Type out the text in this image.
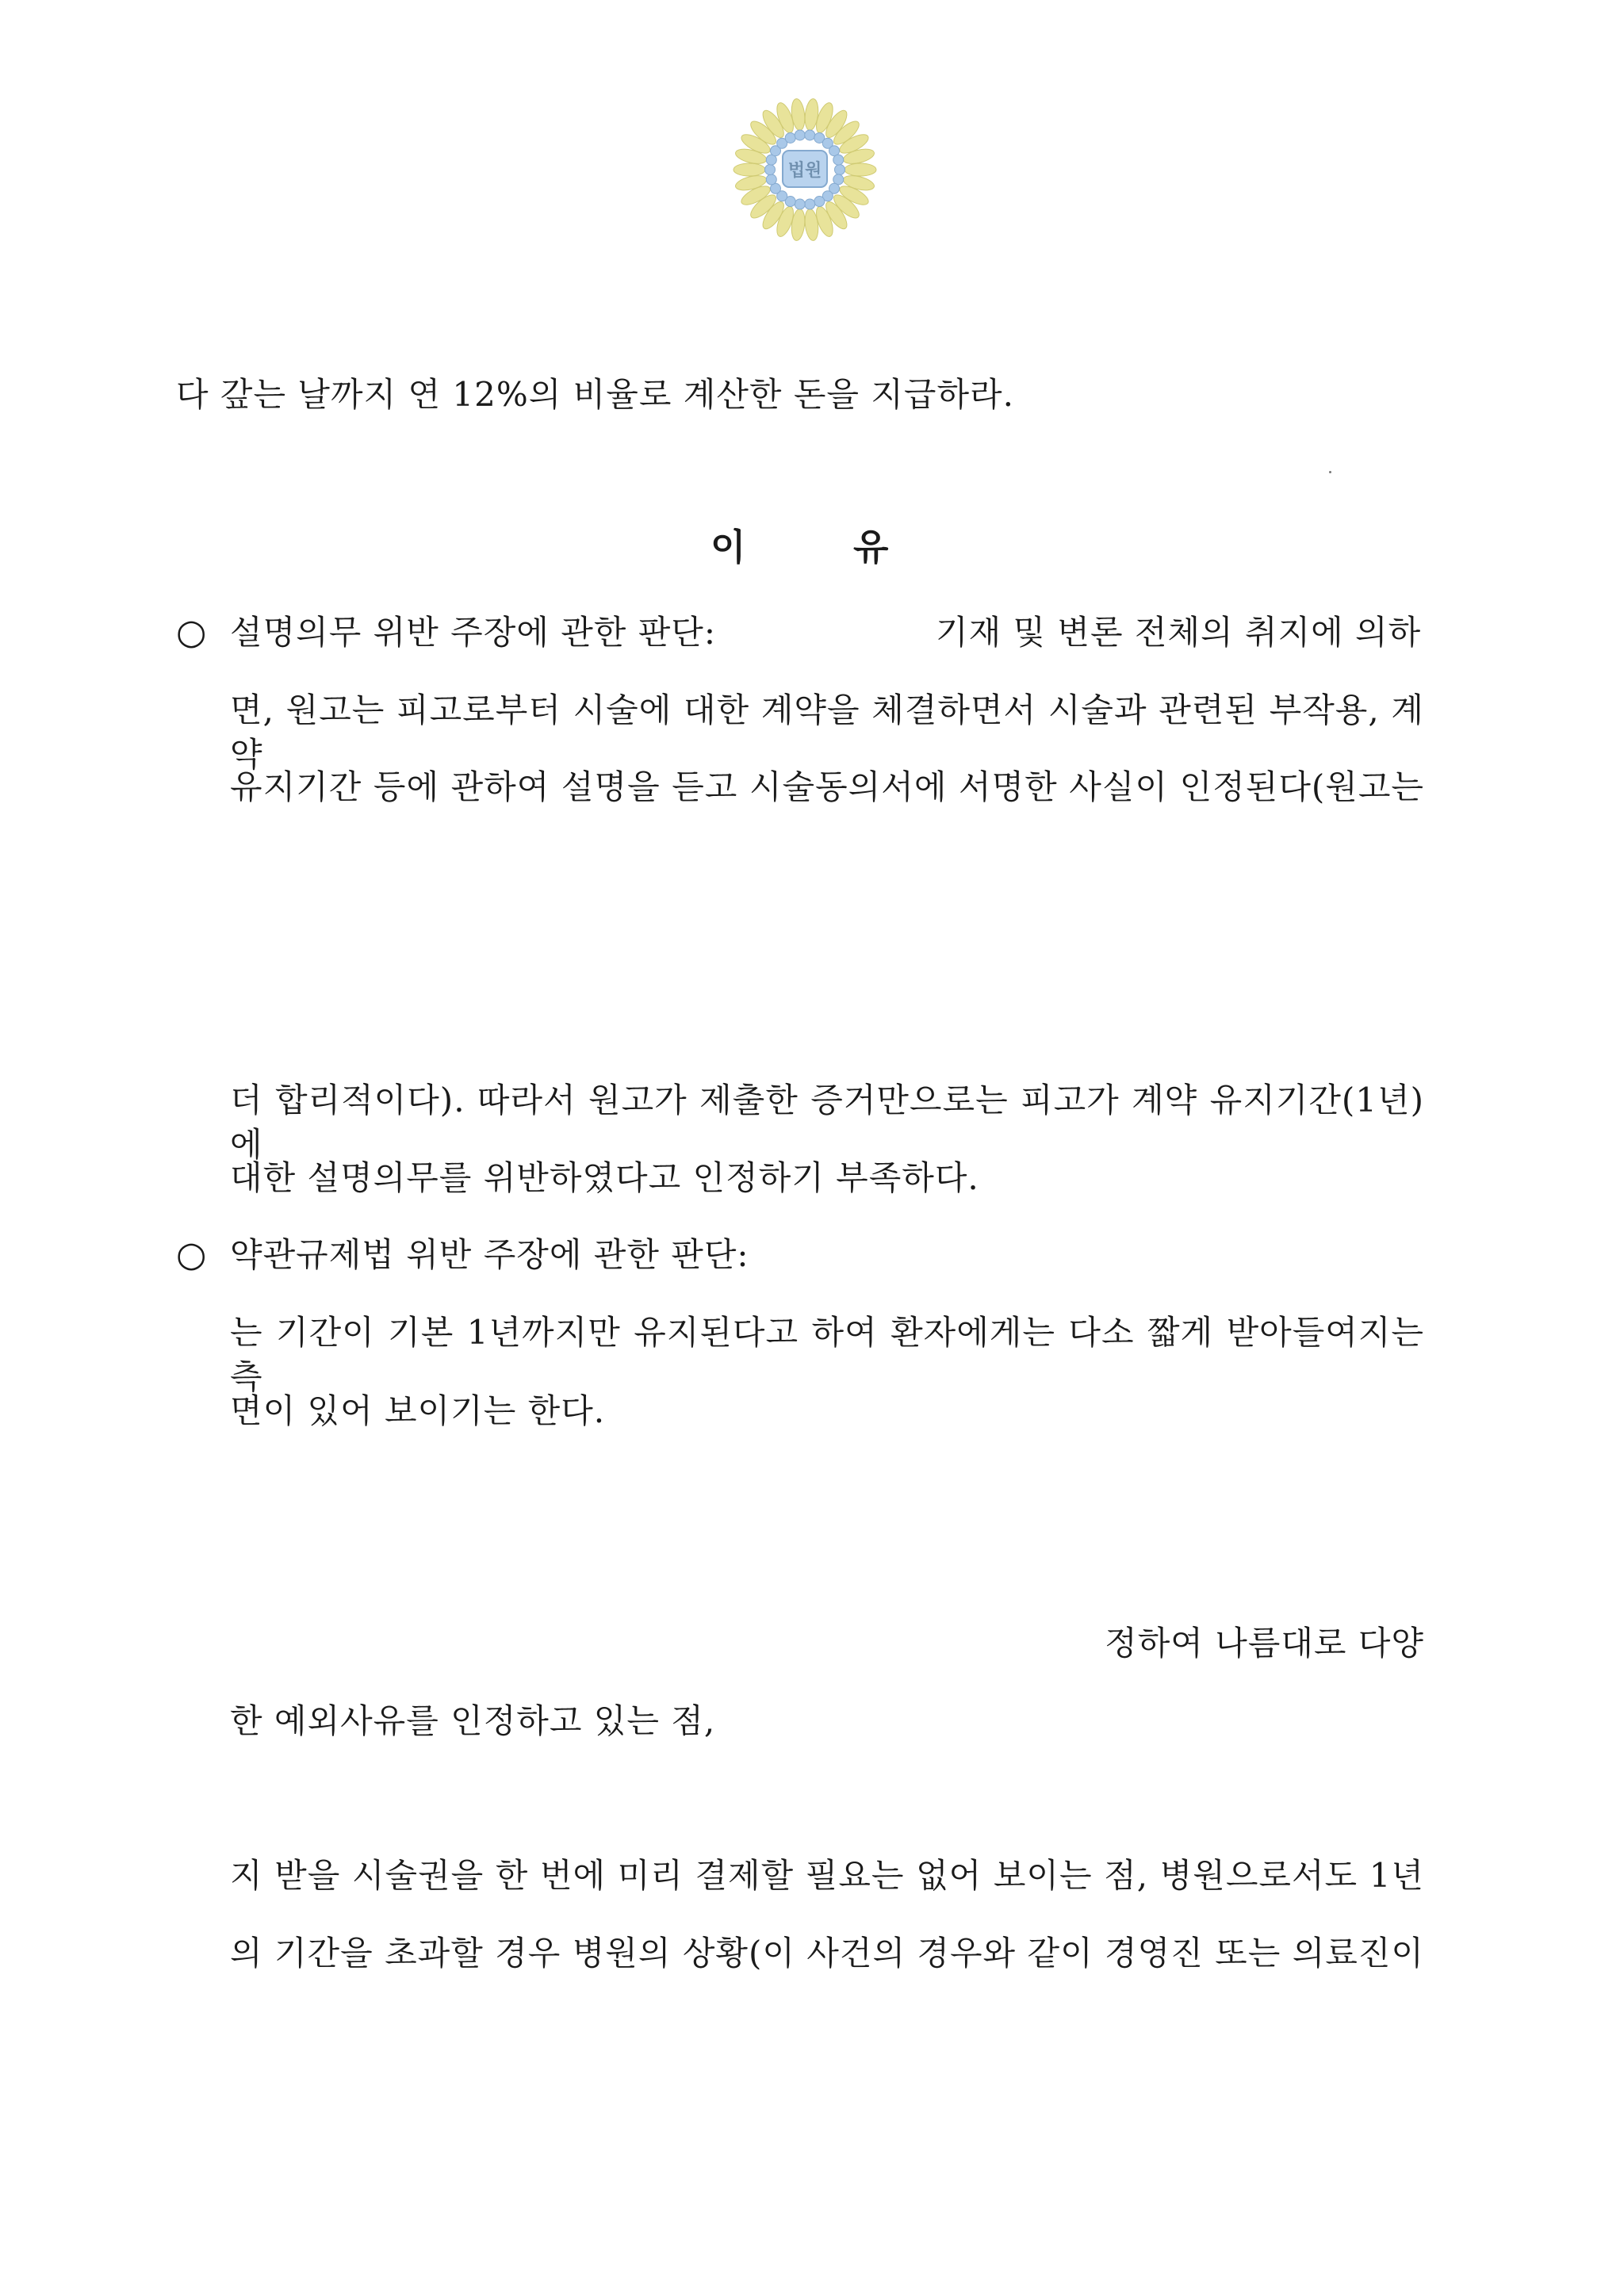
법원
다 갚는 날까지 연 12%의 비율로 계산한 돈을 지급하라.
이	유
○ 설명의무 위반 주장에 관한 판단:	기재 및 변론 전체의 취지에 의하
면, 원고는 피고로부터 시술에 대한 계약을 체결하면서 시술과 관련된 부작용, 계약
유지기간 등에 관하여 설명을 듣고 시술동의서에 서명한 사실이 인정된다(원고는
더 합리적이다). 따라서 원고가 제출한 증거만으로는 피고가 계약 유지기간(1년)에
대한 설명의무를 위반하였다고 인정하기 부족하다.
○ 약관규제법 위반 주장에 관한 판단:
는 기간이 기본 1년까지만 유지된다고 하여 환자에게는 다소 짧게 받아들여지는 측
면이 있어 보이기는 한다.
정하여 나름대로 다양
한 예외사유를 인정하고 있는 점,
지 받을 시술권을 한 번에 미리 결제할 필요는 없어 보이는 점, 병원으로서도 1년
의 기간을 초과할 경우 병원의 상황(이 사건의 경우와 같이 경영진 또는 의료진이
